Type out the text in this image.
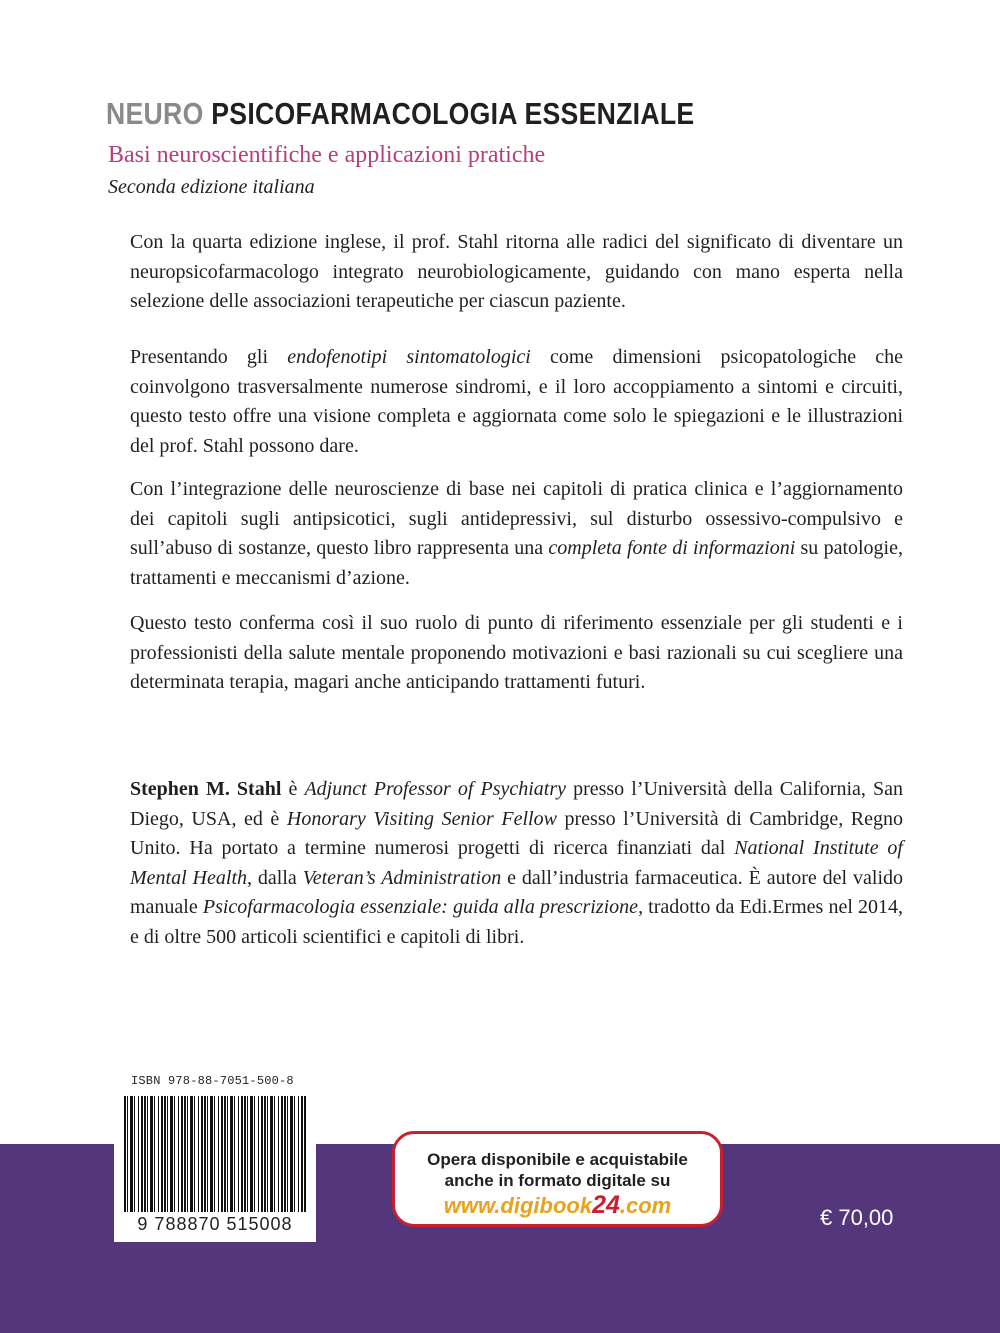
NEURO PSICOFARMACOLOGIA ESSENZIALE

Basi neuroscientifiche e applicazioni pratiche

Seconda edizione italiana

Con la quarta edizione inglese, il prof. Stahl ritorna alle radici del significato di diventare un neuropsicofarmacologo integrato neurobiologicamente, guidando con mano esperta nella selezione delle associazioni terapeutiche per ciascun paziente.

Presentando gli endofenotipi sintomatologici come dimensioni psicopatologiche che coinvolgono trasversalmente numerose sindromi, e il loro accoppiamento a sintomi e circuiti, questo testo offre una visione completa e aggiornata come solo le spiegazioni e le illustrazioni del prof. Stahl possono dare.

Con l’integrazione delle neuroscienze di base nei capitoli di pratica clinica e l’aggiornamento dei capitoli sugli antipsicotici, sugli antidepressivi, sul disturbo ossessivo-compulsivo e sull’abuso di sostanze, questo libro rappresenta una completa fonte di informazioni su patologie, trattamenti e meccanismi d’azione.

Questo testo conferma così il suo ruolo di punto di riferimento essenziale per gli studenti e i professionisti della salute mentale proponendo motivazioni e basi razionali su cui scegliere una determinata terapia, magari anche anticipando trattamenti futuri.

Stephen M. Stahl è Adjunct Professor of Psychiatry presso l’Università della California, San Diego, USA, ed è Honorary Visiting Senior Fellow presso l’Università di Cambridge, Regno Unito. Ha portato a termine numerosi progetti di ricerca finanziati dal National Institute of Mental Health, dalla Veteran’s Administration e dall’industria farmaceutica. È autore del valido manuale Psicofarmacologia essenziale: guida alla prescrizione, tradotto da Edi.Ermes nel 2014, e di oltre 500 articoli scientifici e capitoli di libri.

ISBN 978-88-7051-500-8
9 788870 515008
Opera disponibile e acquistabile
anche in formato digitale su
www.digibook24.com	€ 70,00
